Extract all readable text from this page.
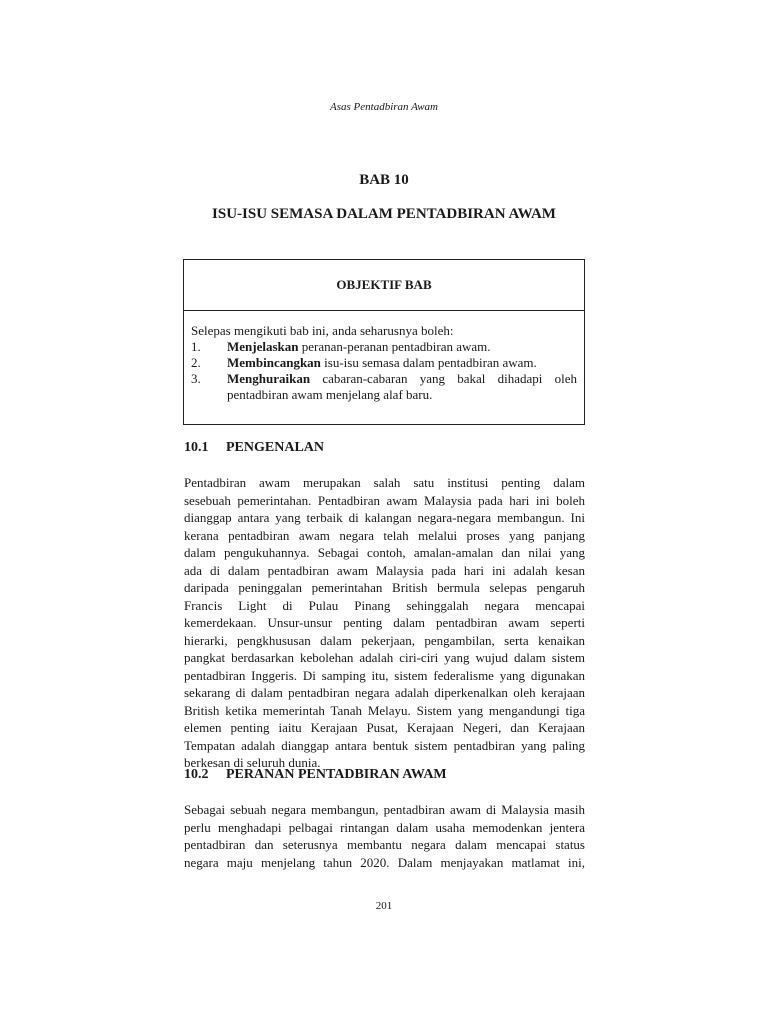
Asas Pentadbiran Awam
BAB 10
ISU-ISU SEMASA DALAM PENTADBIRAN AWAM
OBJEKTIF BAB
Selepas mengikuti bab ini, anda seharusnya boleh:
1.	Menjelaskan peranan-peranan pentadbiran awam.
2.	Membincangkan isu-isu semasa dalam pentadbiran awam.
3.	Menghuraikan cabaran-cabaran yang bakal dihadapi oleh
pentadbiran awam menjelang alaf baru.
10.1 PENGENALAN
Pentadbiran awam merupakan salah satu institusi penting dalam
sesebuah pemerintahan. Pentadbiran awam Malaysia pada hari ini boleh
dianggap antara yang terbaik di kalangan negara-negara membangun. Ini
kerana pentadbiran awam negara telah melalui proses yang panjang
dalam pengukuhannya. Sebagai contoh, amalan-amalan dan nilai yang
ada di dalam pentadbiran awam Malaysia pada hari ini adalah kesan
daripada peninggalan pemerintahan British bermula selepas pengaruh
Francis Light di Pulau Pinang sehinggalah negara mencapai
kemerdekaan. Unsur-unsur penting dalam pentadbiran awam seperti
hierarki, pengkhususan dalam pekerjaan, pengambilan, serta kenaikan
pangkat berdasarkan kebolehan adalah ciri-ciri yang wujud dalam sistem
pentadbiran Inggeris. Di samping itu, sistem federalisme yang digunakan
sekarang di dalam pentadbiran negara adalah diperkenalkan oleh kerajaan
British ketika memerintah Tanah Melayu. Sistem yang mengandungi tiga
elemen penting iaitu Kerajaan Pusat, Kerajaan Negeri, dan Kerajaan
Tempatan adalah dianggap antara bentuk sistem pentadbiran yang paling
berkesan di seluruh dunia.
10.2 PERANAN PENTADBIRAN AWAM
Sebagai sebuah negara membangun, pentadbiran awam di Malaysia masih
perlu menghadapi pelbagai rintangan dalam usaha memodenkan jentera
pentadbiran dan seterusnya membantu negara dalam mencapai status
negara maju menjelang tahun 2020. Dalam menjayakan matlamat ini,
201
